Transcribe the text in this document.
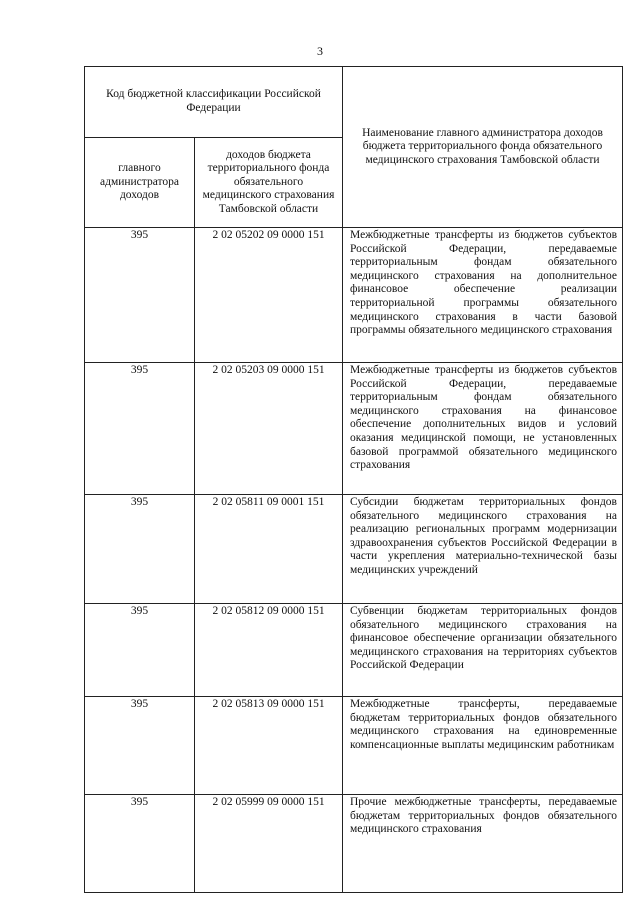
3
Код бюджетной классификации Российской Федерации		Наименование главного администратора доходов бюджета территориального фонда обязательного медицинского страхования Тамбовской области
главного администратора доходов	доходов бюджета территориального фонда обязательного медицинского страхования Тамбовской области	
395	2 02 05202 09 0000 151	Межбюджетные трансферты из бюджетов субъектов Российской Федерации, передаваемые территориальным фондам обязательного медицинского страхования на дополнительное финансовое обеспечение реализации территориальной программы обязательного медицинского страхования в части базовой программы обязательного медицинского страхования
395	2 02 05203 09 0000 151	Межбюджетные трансферты из бюджетов субъектов Российской Федерации, передаваемые территориальным фондам обязательного медицинского страхования на финансовое обеспечение дополнительных видов и условий оказания медицинской помощи, не установленных базовой программой обязательного медицинского страхования
395	2 02 05811 09 0001 151	Субсидии бюджетам территориальных фондов обязательного медицинского страхования на реализацию региональных программ модернизации здравоохранения субъектов Российской Федерации в части укрепления материально-технической базы медицинских учреждений
395	2 02 05812 09 0000 151	Субвенции бюджетам территориальных фондов обязательного медицинского страхования на финансовое обеспечение организации обязательного медицинского страхования на территориях субъектов Российской Федерации
395	2 02 05813 09 0000 151	Межбюджетные трансферты, передаваемые бюджетам территориальных фондов обязательного медицинского страхования на единовременные компенсационные выплаты медицинским работникам
395	2 02 05999 09 0000 151	Прочие межбюджетные трансферты, передаваемые бюджетам территориальных фондов обязательного медицинского страхования
